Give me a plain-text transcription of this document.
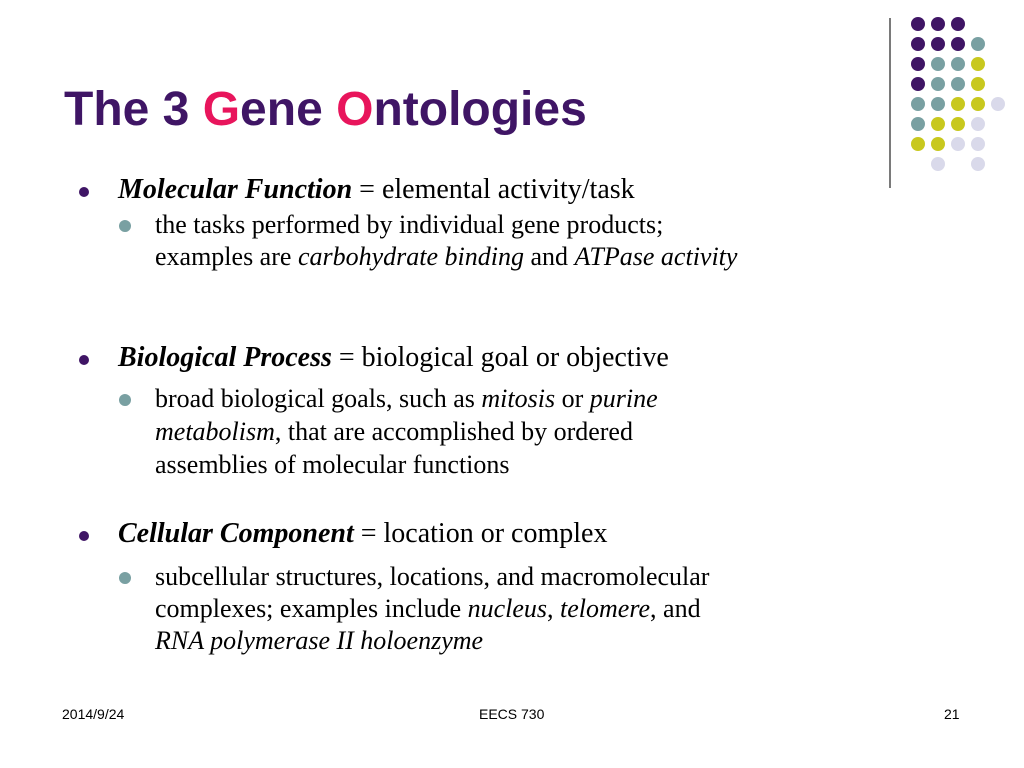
The 3 Gene Ontologies
Molecular Function = elemental activity/task
the tasks performed by individual gene products;
examples are carbohydrate binding and ATPase activity
Biological Process = biological goal or objective
broad biological goals, such as mitosis or purine
metabolism, that are accomplished by ordered
assemblies of molecular functions
Cellular Component = location or complex
subcellular structures, locations, and macromolecular
complexes; examples include nucleus, telomere, and
RNA polymerase II holoenzyme
2014/9/24	EECS 730	21
